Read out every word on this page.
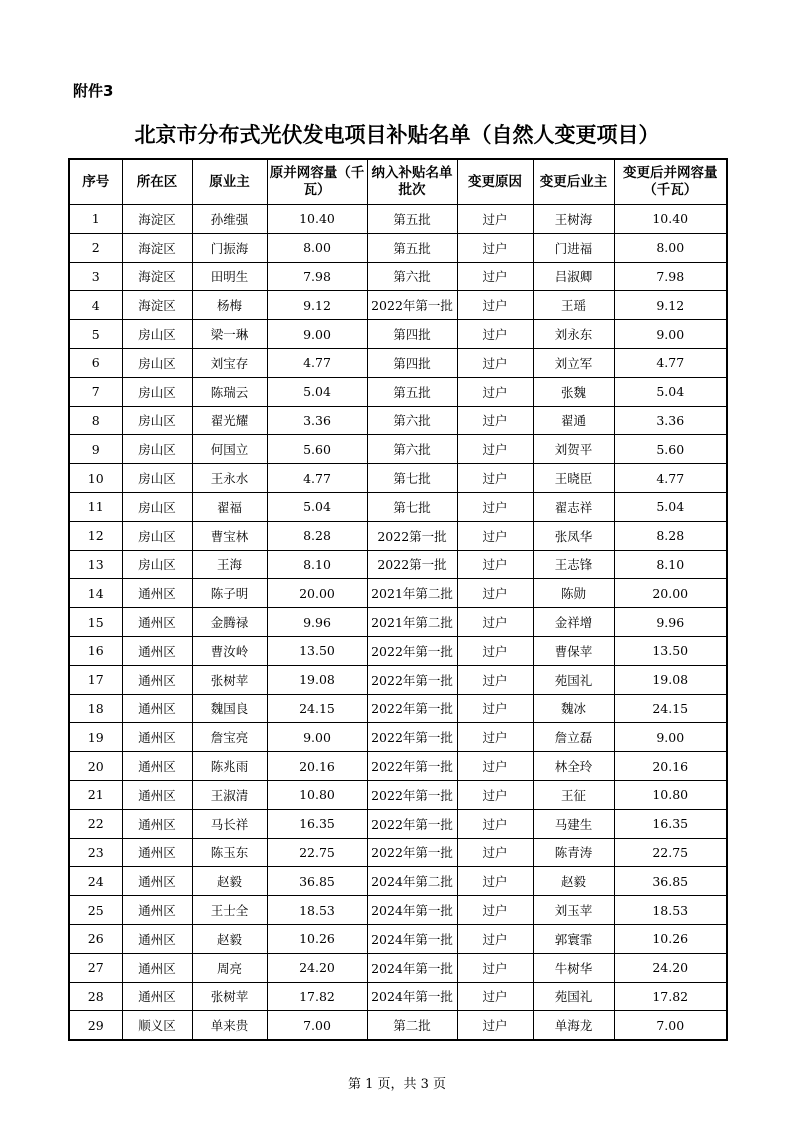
附件3
北京市分布式光伏发电项目补贴名单（自然人变更项目）
序号	所在区	原业主	原并网容量（千瓦）	纳入补贴名单批次	变更原因	变更后业主	变更后并网容量（千瓦）
1	海淀区	孙维强	10.40	第五批	过户	王树海	10.40
2	海淀区	门振海	8.00	第五批	过户	门进福	8.00
3	海淀区	田明生	7.98	第六批	过户	吕淑卿	7.98
4	海淀区	杨梅	9.12	2022年第一批	过户	王瑶	9.12
5	房山区	梁一琳	9.00	第四批	过户	刘永东	9.00
6	房山区	刘宝存	4.77	第四批	过户	刘立军	4.77
7	房山区	陈瑞云	5.04	第五批	过户	张魏	5.04
8	房山区	翟光耀	3.36	第六批	过户	翟通	3.36
9	房山区	何国立	5.60	第六批	过户	刘贺平	5.60
10	房山区	王永水	4.77	第七批	过户	王晓臣	4.77
11	房山区	翟福	5.04	第七批	过户	翟志祥	5.04
12	房山区	曹宝林	8.28	2022第一批	过户	张凤华	8.28
13	房山区	王海	8.10	2022第一批	过户	王志锋	8.10
14	通州区	陈子明	20.00	2021年第二批	过户	陈勋	20.00
15	通州区	金腾禄	9.96	2021年第二批	过户	金祥增	9.96
16	通州区	曹汝岭	13.50	2022年第一批	过户	曹保苹	13.50
17	通州区	张树苹	19.08	2022年第一批	过户	苑国礼	19.08
18	通州区	魏国良	24.15	2022年第一批	过户	魏冰	24.15
19	通州区	詹宝亮	9.00	2022年第一批	过户	詹立磊	9.00
20	通州区	陈兆雨	20.16	2022年第一批	过户	林全玲	20.16
21	通州区	王淑清	10.80	2022年第一批	过户	王征	10.80
22	通州区	马长祥	16.35	2022年第一批	过户	马建生	16.35
23	通州区	陈玉东	22.75	2022年第一批	过户	陈青涛	22.75
24	通州区	赵毅	36.85	2024年第二批	过户	赵毅	36.85
25	通州区	王士全	18.53	2024年第一批	过户	刘玉苹	18.53
26	通州区	赵毅	10.26	2024年第一批	过户	郭寰霏	10.26
27	通州区	周亮	24.20	2024年第一批	过户	牛树华	24.20
28	通州区	张树苹	17.82	2024年第一批	过户	苑国礼	17.82
29	顺义区	单来贵	7.00	第二批	过户	单海龙	7.00
第 1 页，共 3 页
